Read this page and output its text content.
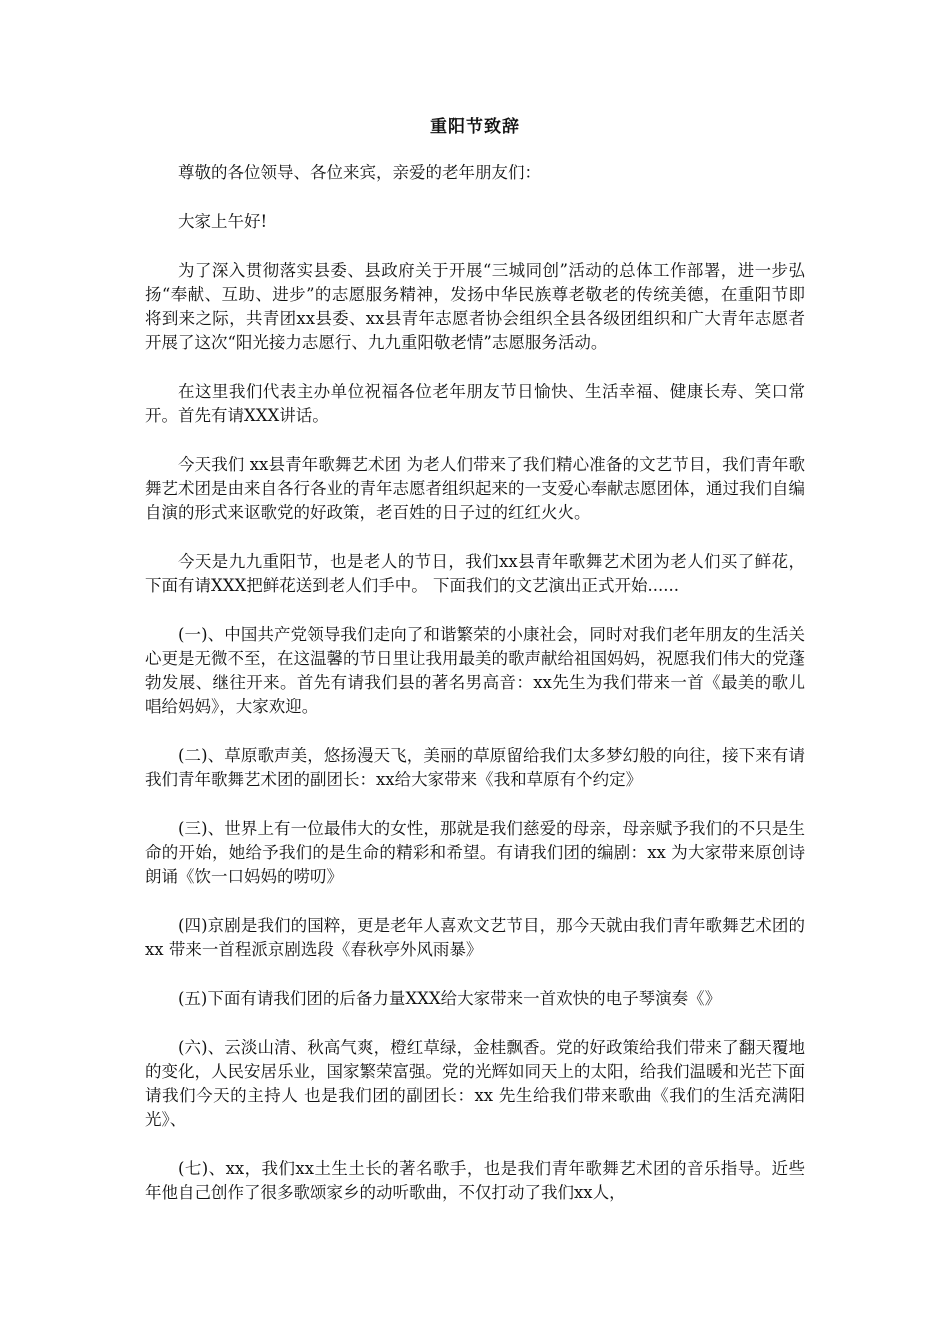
重阳节致辞

尊敬的各位领导、各位来宾，亲爱的老年朋友们：

大家上午好!

为了深入贯彻落实县委、县政府关于开展“三城同创”活动的总体工作部署，进一步弘扬“奉献、互助、进步”的志愿服务精神，发扬中华民族尊老敬老的传统美德，在重阳节即将到来之际，共青团xx县委、xx县青年志愿者协会组织全县各级团组织和广大青年志愿者开展了这次“阳光接力志愿行、九九重阳敬老情”志愿服务活动。

在这里我们代表主办单位祝福各位老年朋友节日愉快、生活幸福、健康长寿、笑口常开。首先有请XXX讲话。

今天我们 xx县青年歌舞艺术团 为老人们带来了我们精心准备的文艺节目，我们青年歌舞艺术团是由来自各行各业的青年志愿者组织起来的一支爱心奉献志愿团体，通过我们自编自演的形式来讴歌党的好政策，老百姓的日子过的红红火火。

今天是九九重阳节，也是老人的节日，我们xx县青年歌舞艺术团为老人们买了鲜花，下面有请XXX把鲜花送到老人们手中。 下面我们的文艺演出正式开始......

(一)、中国共产党领导我们走向了和谐繁荣的小康社会，同时对我们老年朋友的生活关心更是无微不至，在这温馨的节日里让我用最美的歌声献给祖国妈妈，祝愿我们伟大的党蓬勃发展、继往开来。首先有请我们县的著名男高音：xx先生为我们带来一首《最美的歌儿唱给妈妈》，大家欢迎。

(二)、草原歌声美，悠扬漫天飞，美丽的草原留给我们太多梦幻般的向往，接下来有请我们青年歌舞艺术团的副团长：xx给大家带来《我和草原有个约定》

(三)、世界上有一位最伟大的女性，那就是我们慈爱的母亲，母亲赋予我们的不只是生命的开始，她给予我们的是生命的精彩和希望。有请我们团的编剧：xx 为大家带来原创诗朗诵《饮一口妈妈的唠叨》

(四)京剧是我们的国粹，更是老年人喜欢文艺节目，那今天就由我们青年歌舞艺术团的xx 带来一首程派京剧选段《春秋亭外风雨暴》

(五)下面有请我们团的后备力量XXX给大家带来一首欢快的电子琴演奏《》

(六)、云淡山清、秋高气爽，橙红草绿，金桂飘香。党的好政策给我们带来了翻天覆地的变化，人民安居乐业，国家繁荣富强。党的光辉如同天上的太阳，给我们温暖和光芒下面请我们今天的主持人 也是我们团的副团长：xx 先生给我们带来歌曲《我们的生活充满阳光》、

(七)、xx，我们xx土生土长的著名歌手，也是我们青年歌舞艺术团的音乐指导。近些年他自己创作了很多歌颂家乡的动听歌曲，不仅打动了我们xx人，
